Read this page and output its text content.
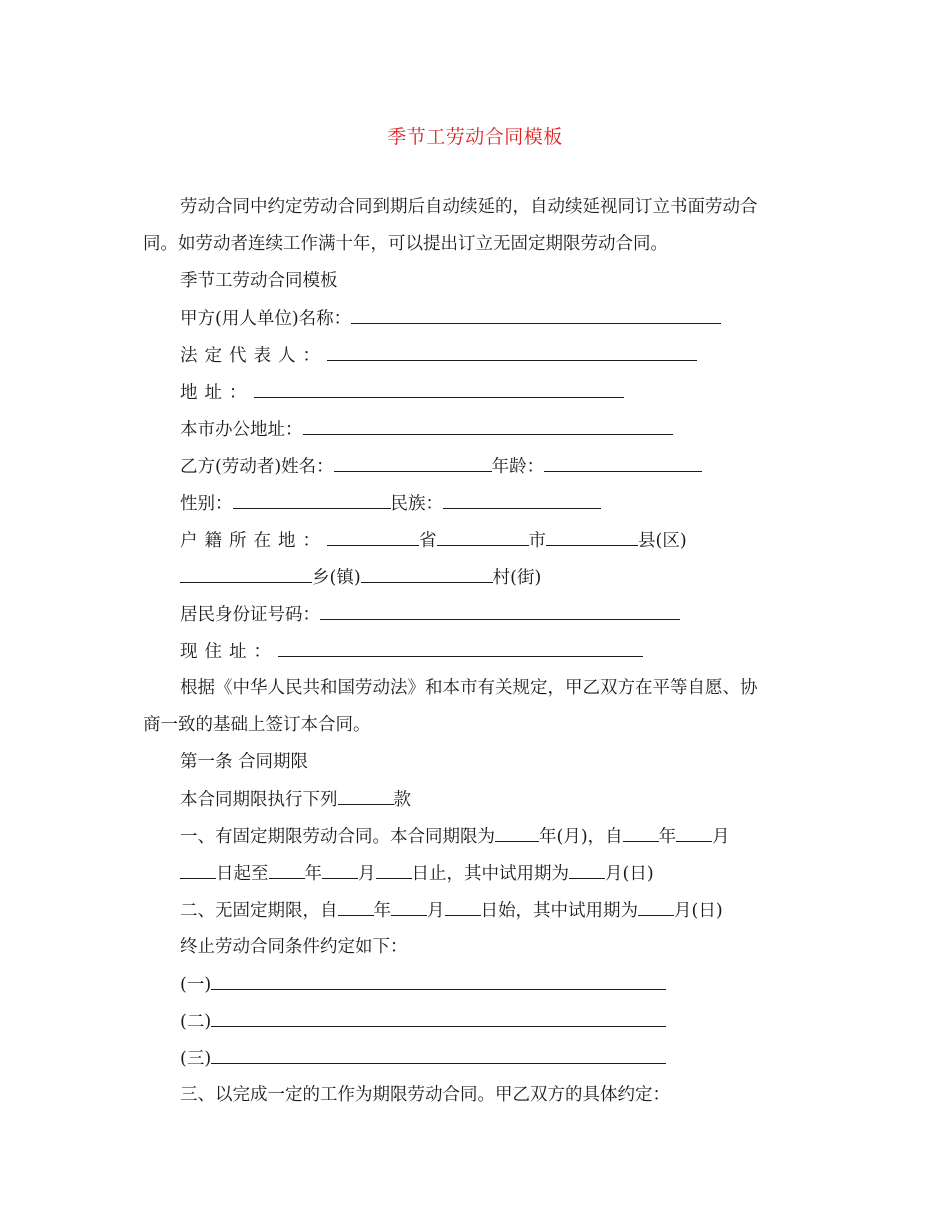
季节工劳动合同模板
劳动合同中约定劳动合同到期后自动续延的，自动续延视同订立书面劳动合
同。如劳动者连续工作满十年，可以提出订立无固定期限劳动合同。
季节工劳动合同模板
甲方(用人单位)名称：
法定代表人：
地址：
本市办公地址：
乙方(劳动者)姓名：	年龄：
性别：	民族：
户籍所在地：	省	市	县(区)
乡(镇)	村(街)
居民身份证号码：
现住址：
根据《中华人民共和国劳动法》和本市有关规定，甲乙双方在平等自愿、协
商一致的基础上签订本合同。
第一条 合同期限
本合同期限执行下列	款
一、有固定期限劳动合同。本合同期限为	年(月)，自 年 月
日起至 年 月 日止，其中试用期为 月(日)
二、无固定期限，自 年 月 日始，其中试用期为 月(日)
终止劳动合同条件约定如下：
(一)
(二)
(三)
三、以完成一定的工作为期限劳动合同。甲乙双方的具体约定：
